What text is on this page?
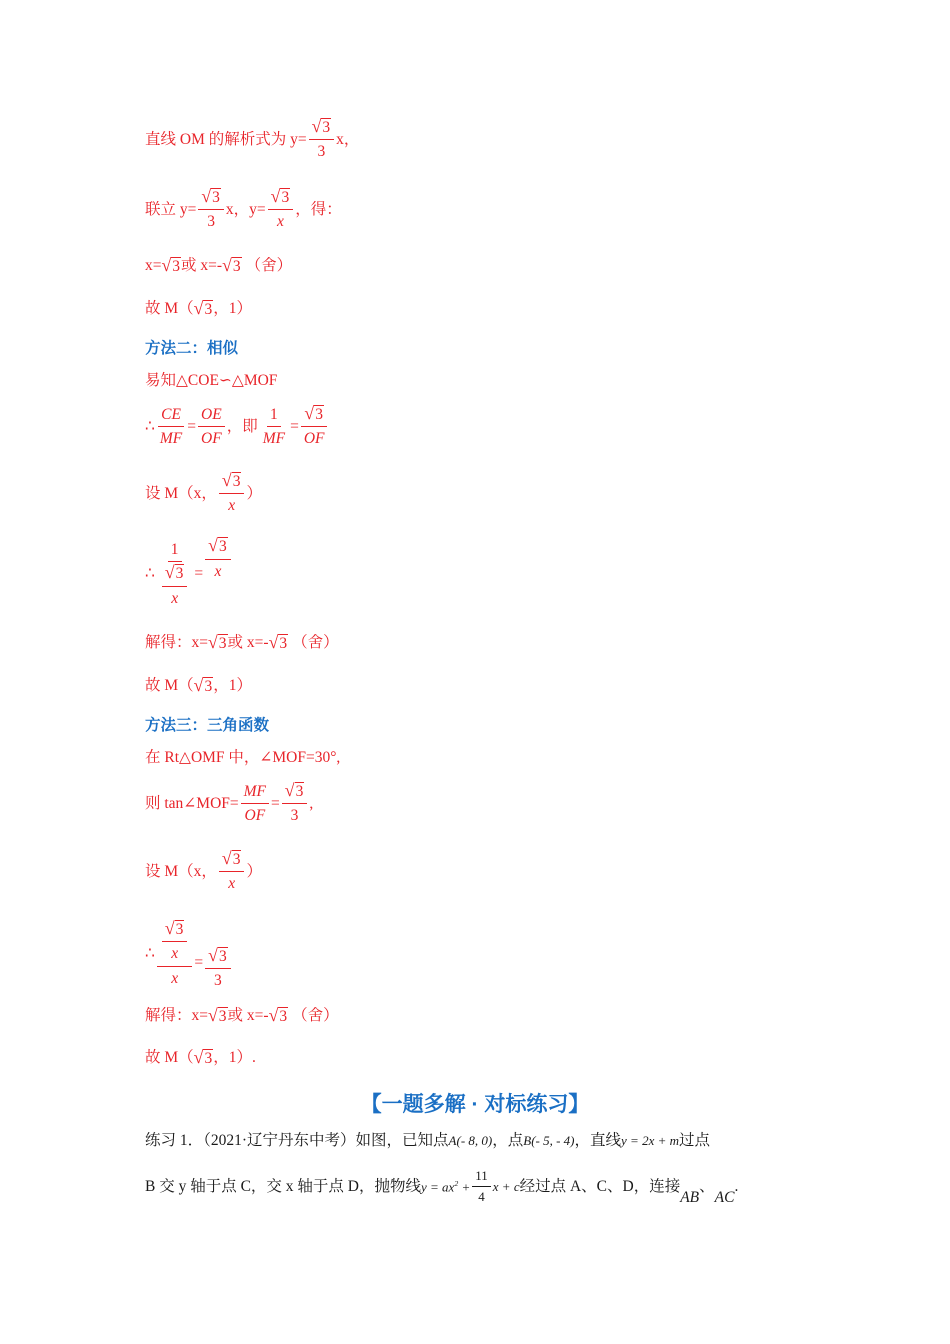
直线 OM 的解析式为 $y= \frac{√ 3}{3}$ x，
联立 $y= \frac{√ 3}{3}$ x，$y= \frac{√ 3}{x}$ ，得：
x= √ 3 或 x=- √ 3 （舍）
故 M（ √ 3 ，1）
方法二：相似
易知△COE∽△MOF
∴ $\frac{CE}{MF} = \frac{OE}{OF}$ ，即 $\frac{1}{MF} = \frac{√ 3}{OF}$
设 M（x， $\frac{√ 3}{x}$ ）
∴ $\frac{1}{\frac{√ 3}{x}} = \frac{√ 3}{x}$
解得：x= √ 3 或 x=- √ 3 （舍）
故 M（ √ 3 ，1）
方法三：三角函数
在 Rt△OMF 中，∠MOF=30°,
则 tan∠MOF= $\frac{MF}{OF} = \frac{√ 3}{3}$ ,
设 M（x， $\frac{√ 3}{x}$ ）
∴ $\frac{\frac{√ 3}{x}}{x} = \frac{√ 3}{3}$
解得：x= √ 3 或 x=- √ 3 （舍）
故 M（ √ 3 ，1）.
【一题多解 · 对标练习】
练习 1．（2021·辽宁丹东中考）如图，已知点 A(- 8, 0) ，点 B(- 5, - 4) ，直线 y = 2x + m 过点
B 交 y 轴于点 C，交 x 轴于点 D，抛物线 $y = ax^2 + \frac{11}{4}$ x + c 经过点 A、C、D，连接
AB
、
AC
.
